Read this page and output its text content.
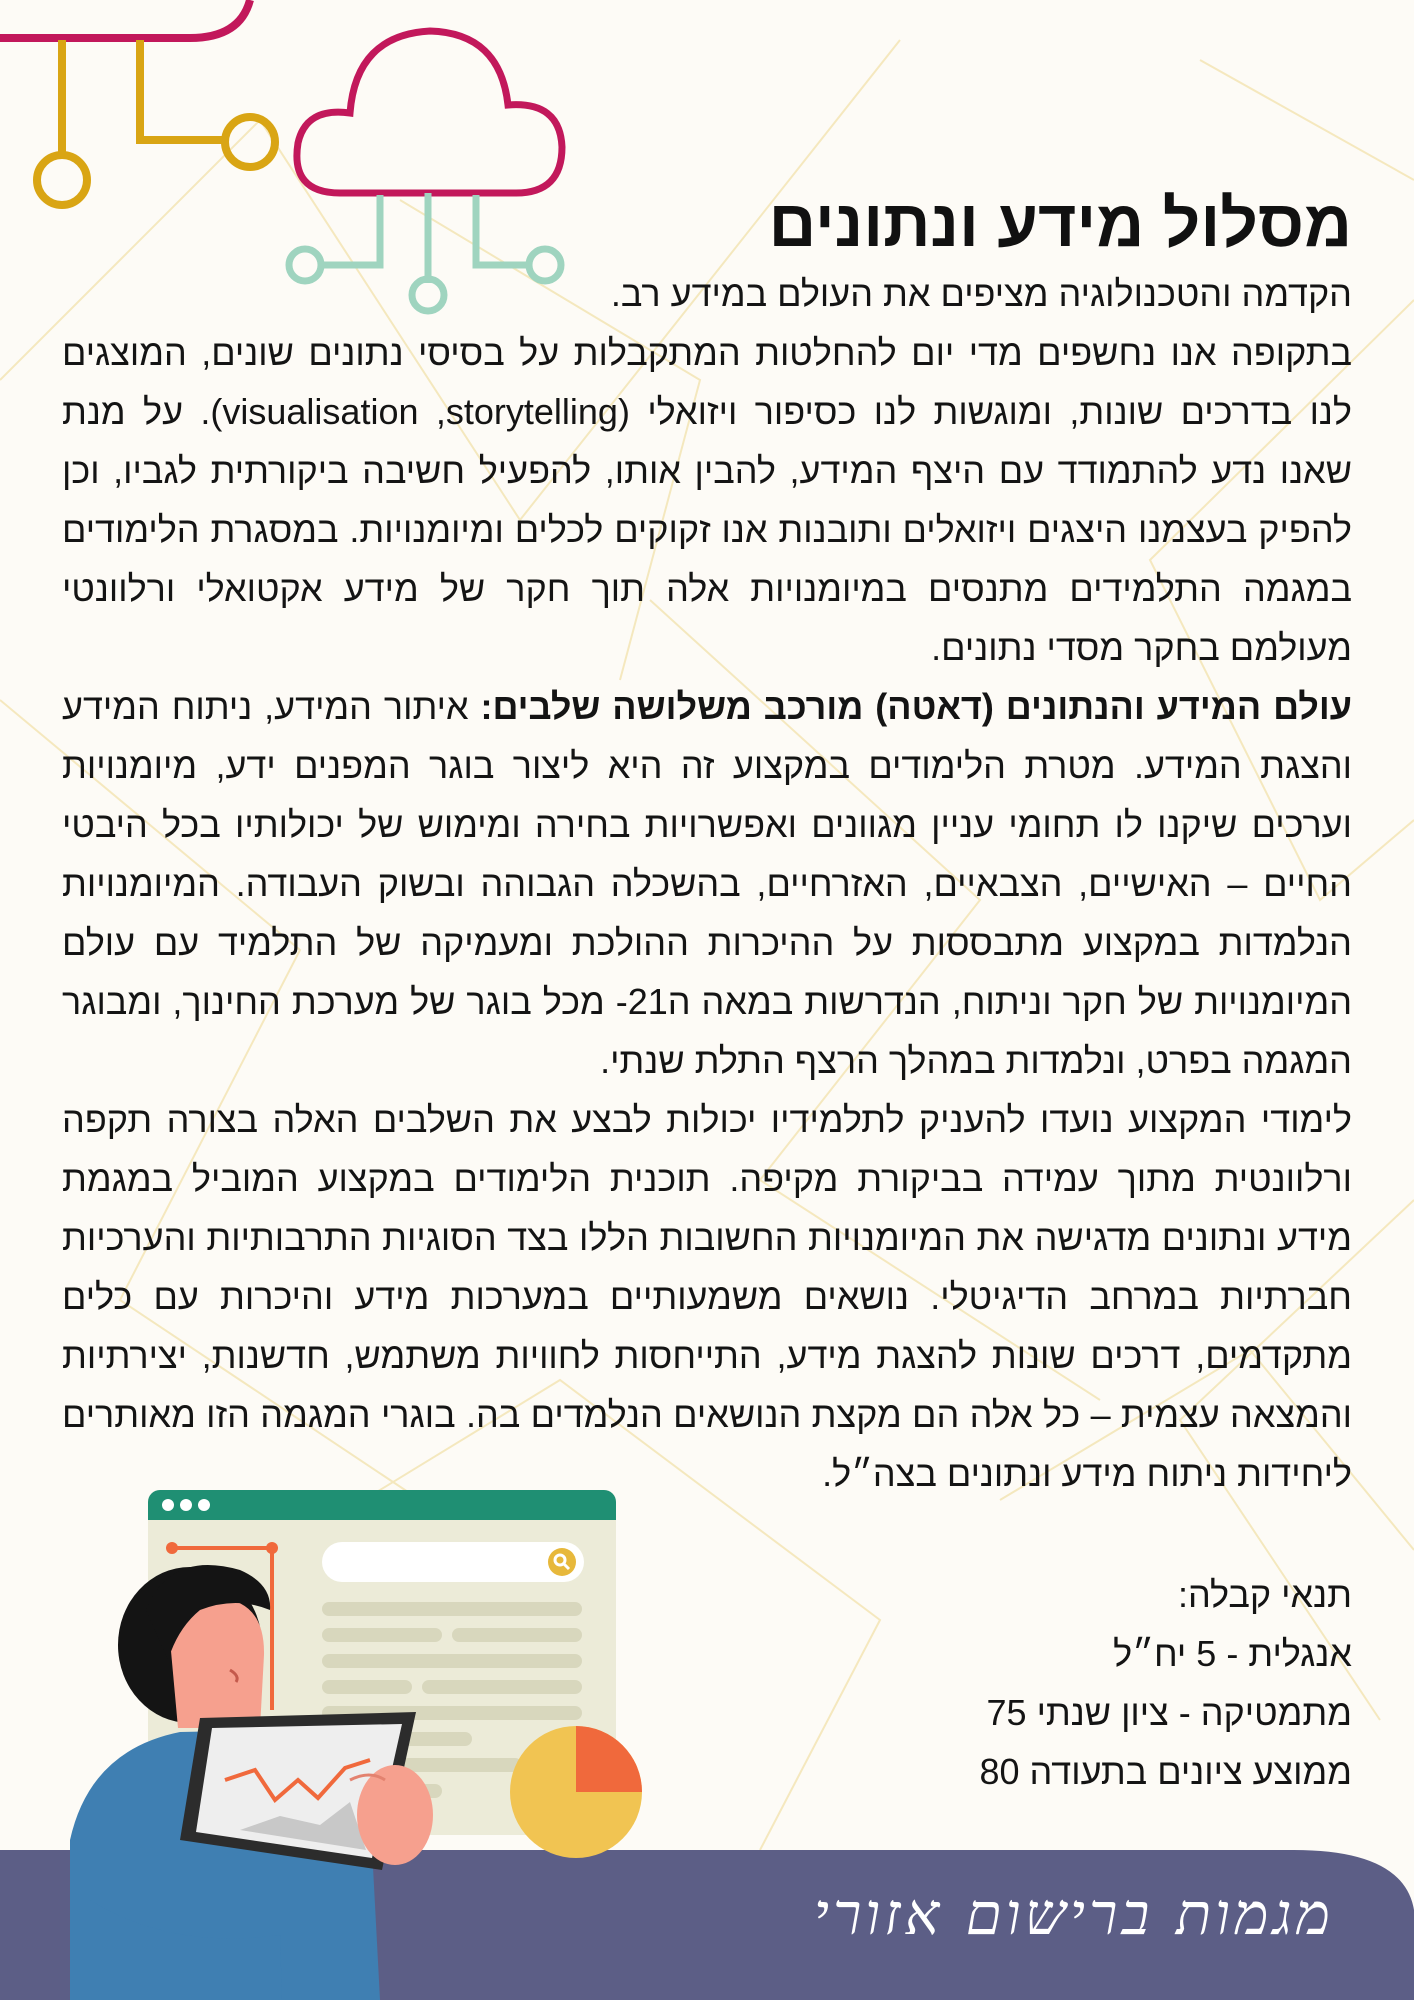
מסלול מידע ונתונים

הקדמה והטכנולוגיה מציפים את העולם במידע רב.

בתקופה אנו נחשפים מדי יום להחלטות המתקבלות על בסיסי נתונים שונים, המוצגים לנו בדרכים שונות, ומוגשות לנו כסיפור ויזואלי (visualisation ,storytelling). על מנת שאנו נדע להתמודד עם היצף המידע, להבין אותו, להפעיל חשיבה ביקורתית לגביו, וכן להפיק בעצמנו היצגים ויזואלים ותובנות אנו זקוקים לכלים ומיומנויות. במסגרת הלימודים במגמה התלמידים מתנסים במיומנויות אלה תוך חקר של מידע אקטואלי ורלוונטי מעולמם בחקר מסדי נתונים.

עולם המידע והנתונים (דאטה) מורכב משלושה שלבים: איתור המידע, ניתוח המידע והצגת המידע. מטרת הלימודים במקצוע זה היא ליצור בוגר המפנים ידע, מיומנויות וערכים שיקנו לו תחומי עניין מגוונים ואפשרויות בחירה ומימוש של יכולותיו בכל היבטי החיים – האישיים, הצבאיים, האזרחיים, בהשכלה הגבוהה ובשוק העבודה. המיומנויות הנלמדות במקצוע מתבססות על ההיכרות ההולכת ומעמיקה של התלמיד עם עולם המיומנויות של חקר וניתוח, הנדרשות במאה ה21- מכל בוגר של מערכת החינוך, ומבוגר המגמה בפרט, ונלמדות במהלך הרצף התלת שנתי.

לימודי המקצוע נועדו להעניק לתלמידיו יכולות לבצע את השלבים האלה בצורה תקפה ורלוונטית מתוך עמידה בביקורת מקיפה. תוכנית הלימודים במקצוע המוביל במגמת מידע ונתונים מדגישה את המיומנויות החשובות הללו בצד הסוגיות התרבותיות והערכיות חברתיות במרחב הדיגיטלי. נושאים משמעותיים במערכות מידע והיכרות עם כלים מתקדמים, דרכים שונות להצגת מידע, התייחסות לחוויות משתמש, חדשנות, יצירתיות והמצאה עצמית – כל אלה הם מקצת הנושאים הנלמדים בה. בוגרי המגמה הזו מאותרים ליחידות ניתוח מידע ונתונים בצה״ל.

תנאי קבלה:
אנגלית - 5 יח״ל
מתמטיקה - ציון שנתי 75
ממוצע ציונים בתעודה 80
מגמות ברישום אזורי
